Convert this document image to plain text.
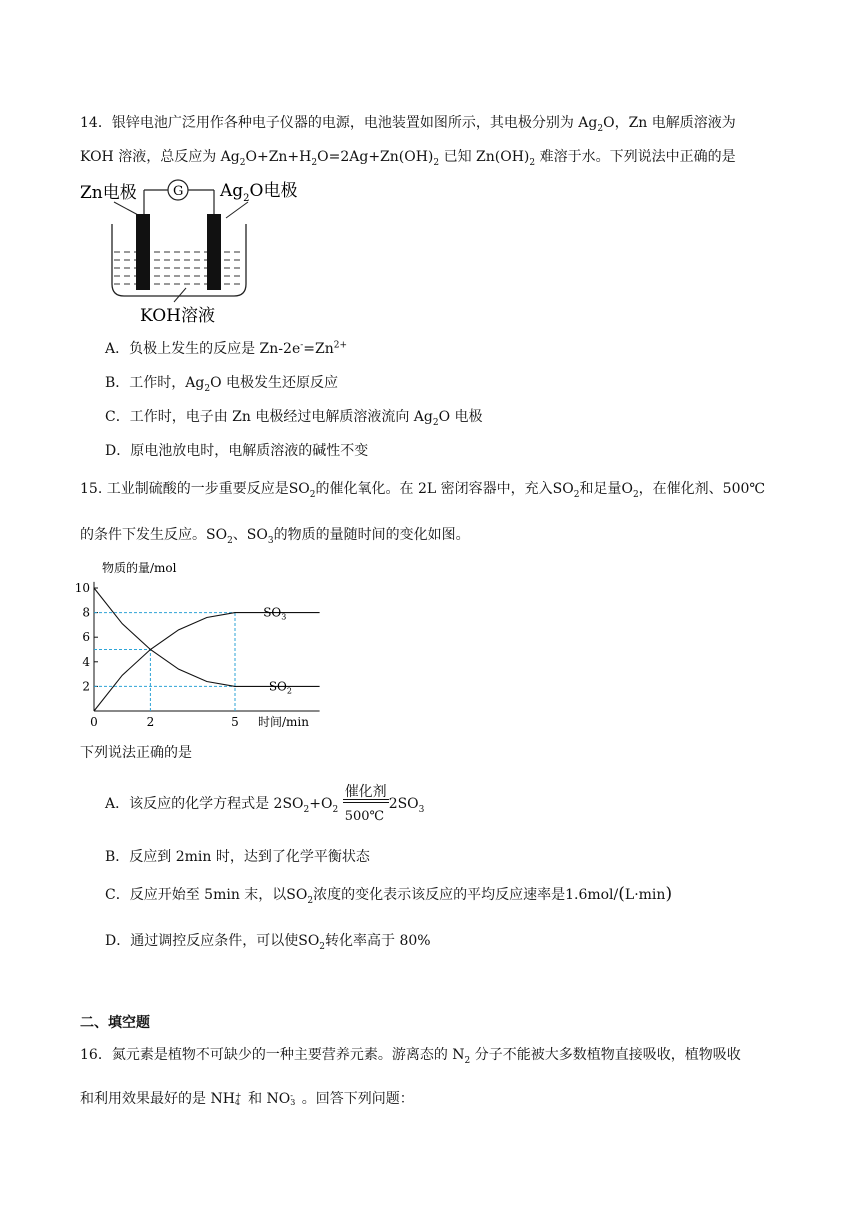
14．银锌电池广泛用作各种电子仪器的电源，电池装置如图所示，其电极分别为 $Ag_2O$，Zn 电解质溶液为
KOH 溶液，总反应为 $Ag_2O+Zn+H_2O=2Ag+Zn(OH)_2$ 已知 $Zn(OH)_2$ 难溶于水。下列说法中正确的是
Zn电极	G $Ag_2O$电极
KOH溶液
A．负极上发生的反应是 $Zn-2e^-=Zn^{2+}$
B．工作时，$Ag_2O$ 电极发生还原反应
C．工作时，电子由 Zn 电极经过电解质溶液流向 $Ag_2O$ 电极
D．原电池放电时，电解质溶液的碱性不变
15. 工业制硫酸的一步重要反应是$SO_2$的催化氧化。在 2L 密闭容器中，充入$SO_2$和足量$O_2$，在催化剂、500℃
的条件下发生反应。$SO_2$、$SO_3$的物质的量随时间的变化如图。
物质的量/mol
时间/min
2
4
6
8
10
0	2	5
$SO_3$
$SO_2$
下列说法正确的是
A．该反应的化学方程式是 $2SO_2+O_2$
催化剂
500℃
$2SO_3$
B．反应到 2min 时，达到了化学平衡状态
C．反应开始至 5min 末，以$SO_2$浓度的变化表示该反应的平均反应速率是1.6mol/(L·min)
D．通过调控反应条件，可以使$SO_2$转化率高于 80%
二、填空题
16．氮元素是植物不可缺少的一种主要营养元素。游离态的 $N_2$ 分子不能被大多数植物直接吸收，植物吸收
和利用效果最好的是 NH+
4 和 NO-
3 。回答下列问题：
